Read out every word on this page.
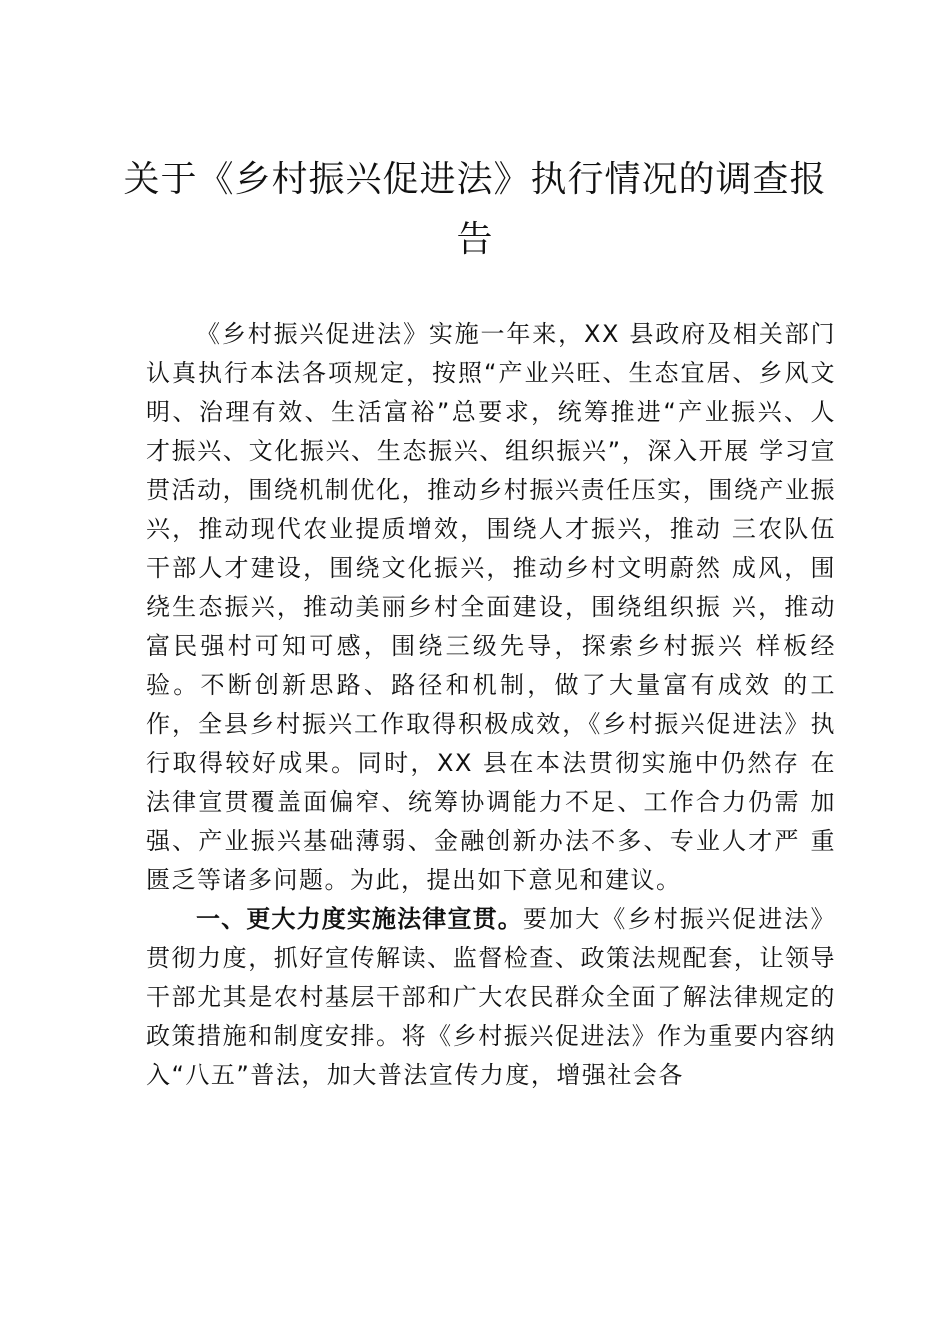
关于《乡村振兴促进法》执行情况的调查报告

《乡村振兴促进法》实施一年来，XX 县政府及相关部门认真执行本法各项规定，按照“产业兴旺、生态宜居、乡风文明、治理有效、生活富裕”总要求，统筹推进“产业振兴、人才振兴、文化振兴、生态振兴、组织振兴”，深入开展 学习宣贯活动，围绕机制优化，推动乡村振兴责任压实，围绕产业振兴，推动现代农业提质增效，围绕人才振兴，推动 三农队伍干部人才建设，围绕文化振兴，推动乡村文明蔚然 成风，围绕生态振兴，推动美丽乡村全面建设，围绕组织振 兴，推动富民强村可知可感，围绕三级先导，探索乡村振兴 样板经验。不断创新思路、路径和机制，做了大量富有成效 的工作，全县乡村振兴工作取得积极成效，《乡村振兴促进法》执行取得较好成果。同时，XX 县在本法贯彻实施中仍然存 在法律宣贯覆盖面偏窄、统筹协调能力不足、工作合力仍需 加强、产业振兴基础薄弱、金融创新办法不多、专业人才严 重匮乏等诸多问题。为此，提出如下意见和建议。

一、更大力度实施法律宣贯。要加大《乡村振兴促进法》贯彻力度，抓好宣传解读、监督检查、政策法规配套，让领导干部尤其是农村基层干部和广大农民群众全面了解法律规定的政策措施和制度安排。将《乡村振兴促进法》作为重要内容纳入“八五”普法，加大普法宣传力度，增强社会各
